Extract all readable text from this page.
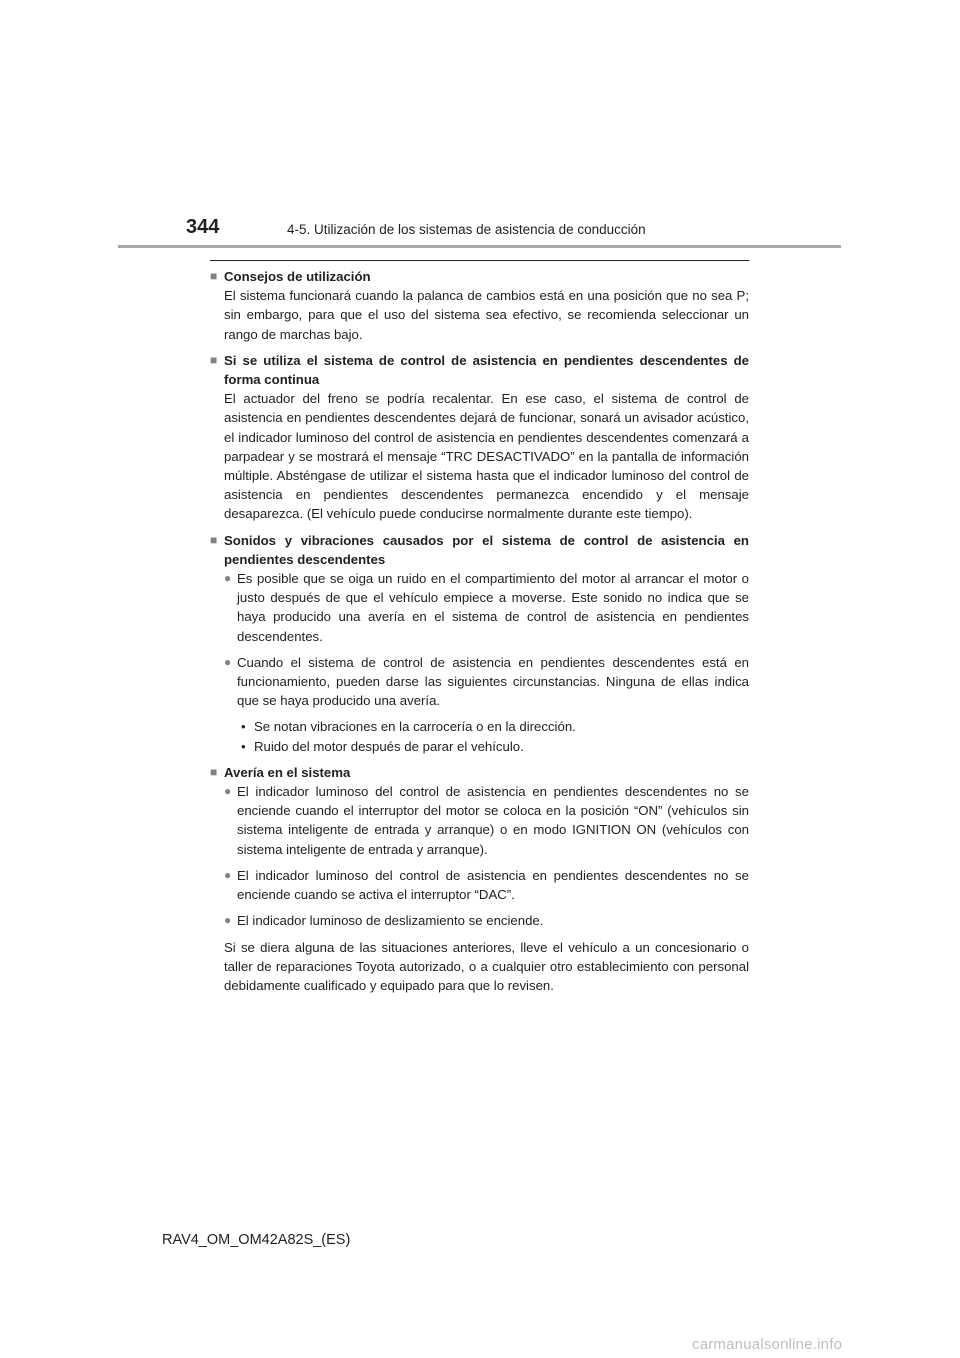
344	4-5. Utilización de los sistemas de asistencia de conducción
■ Consejos de utilización
El sistema funcionará cuando la palanca de cambios está en una posición que no sea P; sin embargo, para que el uso del sistema sea efectivo, se recomienda seleccionar un rango de marchas bajo.
■ Si se utiliza el sistema de control de asistencia en pendientes descendentes de forma continua
El actuador del freno se podría recalentar. En ese caso, el sistema de control de asistencia en pendientes descendentes dejará de funcionar, sonará un avisador acústico, el indicador luminoso del control de asistencia en pendientes descendentes comenzará a parpadear y se mostrará el mensaje “TRC DESACTIVADO” en la pantalla de información múltiple. Absténgase de utilizar el sistema hasta que el indicador luminoso del control de asistencia en pendientes descendentes permanezca encendido y el mensaje desaparezca. (El vehículo puede conducirse normalmente durante este tiempo).
■ Sonidos y vibraciones causados por el sistema de control de asistencia en pendientes descendentes
● Es posible que se oiga un ruido en el compartimiento del motor al arrancar el motor o justo después de que el vehículo empiece a moverse. Este sonido no indica que se haya producido una avería en el sistema de control de asistencia en pendientes descendentes.
● Cuando el sistema de control de asistencia en pendientes descendentes está en funcionamiento, pueden darse las siguientes circunstancias. Ninguna de ellas indica que se haya producido una avería.
• Se notan vibraciones en la carrocería o en la dirección.
• Ruido del motor después de parar el vehículo.
■ Avería en el sistema
● El indicador luminoso del control de asistencia en pendientes descendentes no se enciende cuando el interruptor del motor se coloca en la posición “ON” (vehículos sin sistema inteligente de entrada y arranque) o en modo IGNITION ON (vehículos con sistema inteligente de entrada y arranque).
● El indicador luminoso del control de asistencia en pendientes descendentes no se enciende cuando se activa el interruptor “DAC”.
● El indicador luminoso de deslizamiento se enciende.
Si se diera alguna de las situaciones anteriores, lleve el vehículo a un concesionario o taller de reparaciones Toyota autorizado, o a cualquier otro establecimiento con personal debidamente cualificado y equipado para que lo revisen.
RAV4_OM_OM42A82S_(ES)
carmanualsonline.info
